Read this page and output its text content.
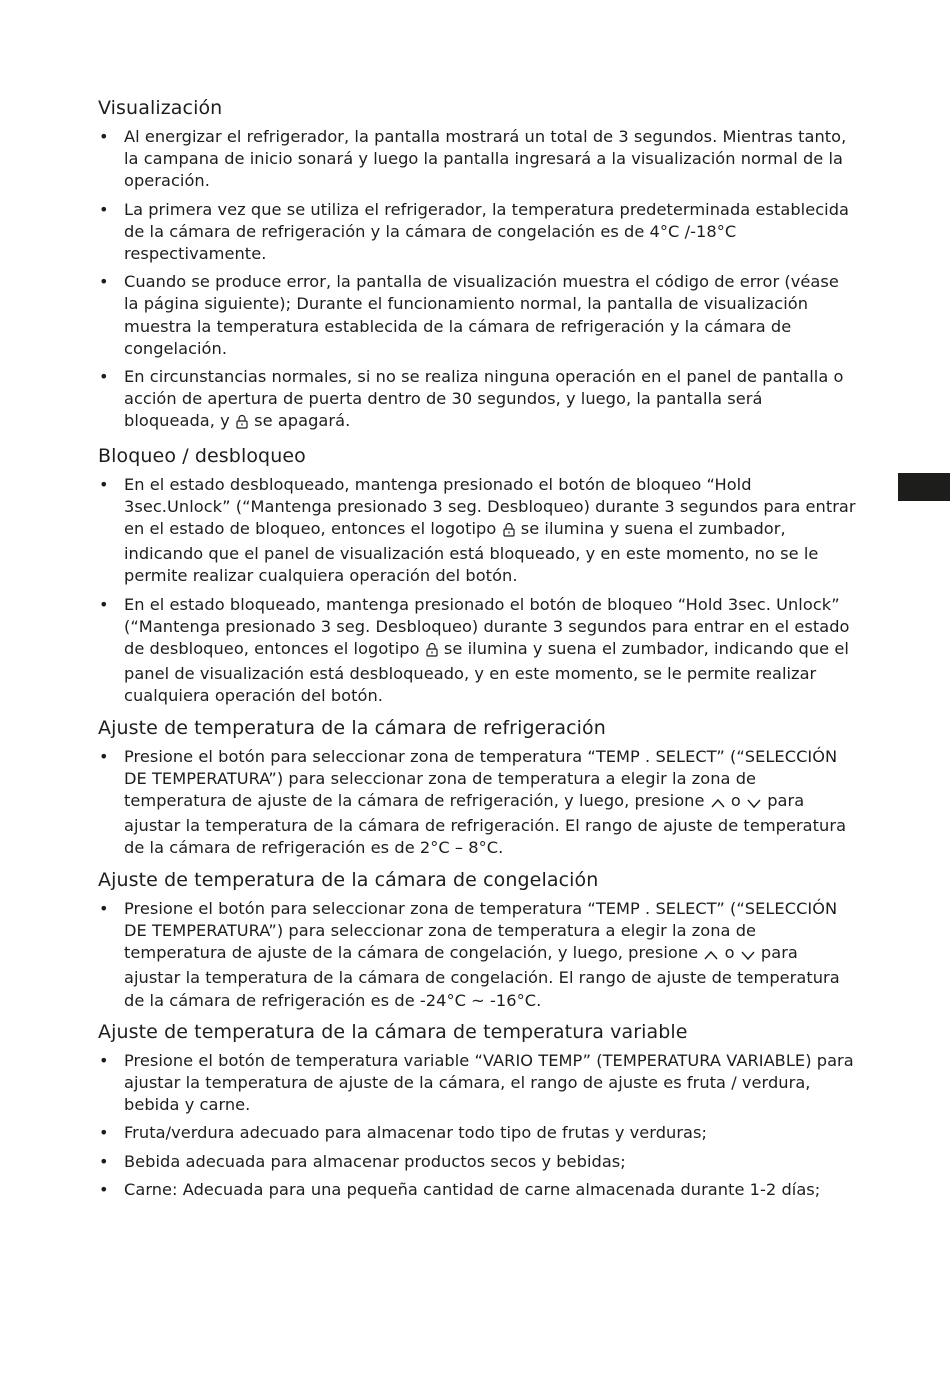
Visualización
• Al energizar el refrigerador, la pantalla mostrará un total de 3 segundos. Mientras tanto, la campana de inicio sonará y luego la pantalla ingresará a la visualización normal de la operación.
• La primera vez que se utiliza el refrigerador, la temperatura predeterminada establecida de la cámara de refrigeración y la cámara de congelación es de 4°C /-18°C respectivamente.
• Cuando se produce error, la pantalla de visualización muestra el código de error (véase la página siguiente); Durante el funcionamiento normal, la pantalla de visualización muestra la temperatura establecida de la cámara de refrigeración y la cámara de congelación.
• En circunstancias normales, si no se realiza ninguna operación en el panel de pantalla o acción de apertura de puerta dentro de 30 segundos, y luego, la pantalla será bloqueada, y  se apagará.
Bloqueo / desbloqueo
• En el estado desbloqueado, mantenga presionado el botón de bloqueo “Hold 3sec.Unlock” (“Mantenga presionado 3 seg. Desbloqueo) durante 3 segundos para entrar en el estado de bloqueo, entonces el logotipo  se ilumina y suena el zumbador, indicando que el panel de visualización está bloqueado, y en este momento, no se le permite realizar cualquiera operación del botón.
• En el estado bloqueado, mantenga presionado el botón de bloqueo “Hold 3sec. Unlock” (“Mantenga presionado 3 seg. Desbloqueo) durante 3 segundos para entrar en el estado de desbloqueo, entonces el logotipo  se ilumina y suena el zumbador, indicando que el panel de visualización está desbloqueado, y en este momento, se le permite realizar cualquiera operación del botón.
Ajuste de temperatura de la cámara de refrigeración
• Presione el botón para seleccionar zona de temperatura “TEMP . SELECT” (“SELECCIÓN DE TEMPERATURA”) para seleccionar zona de temperatura a elegir la zona de temperatura de ajuste de la cámara de refrigeración, y luego, presione  o  para ajustar la temperatura de la cámara de refrigeración. El rango de ajuste de temperatura de la cámara de refrigeración es de 2°C – 8°C.
Ajuste de temperatura de la cámara de congelación
• Presione el botón para seleccionar zona de temperatura “TEMP . SELECT” (“SELECCIÓN DE TEMPERATURA”) para seleccionar zona de temperatura a elegir la zona de temperatura de ajuste de la cámara de congelación, y luego, presione  o  para ajustar la temperatura de la cámara de congelación. El rango de ajuste de temperatura de la cámara de refrigeración es de -24°C ~ -16°C.
Ajuste de temperatura de la cámara de temperatura variable
• Presione el botón de temperatura variable “VARIO TEMP” (TEMPERATURA VARIABLE) para ajustar la temperatura de ajuste de la cámara, el rango de ajuste es fruta / verdura, bebida y carne.
• Fruta/verdura adecuado para almacenar todo tipo de frutas y verduras;
• Bebida adecuada para almacenar productos secos y bebidas;
• Carne: Adecuada para una pequeña cantidad de carne almacenada durante 1-2 días;
